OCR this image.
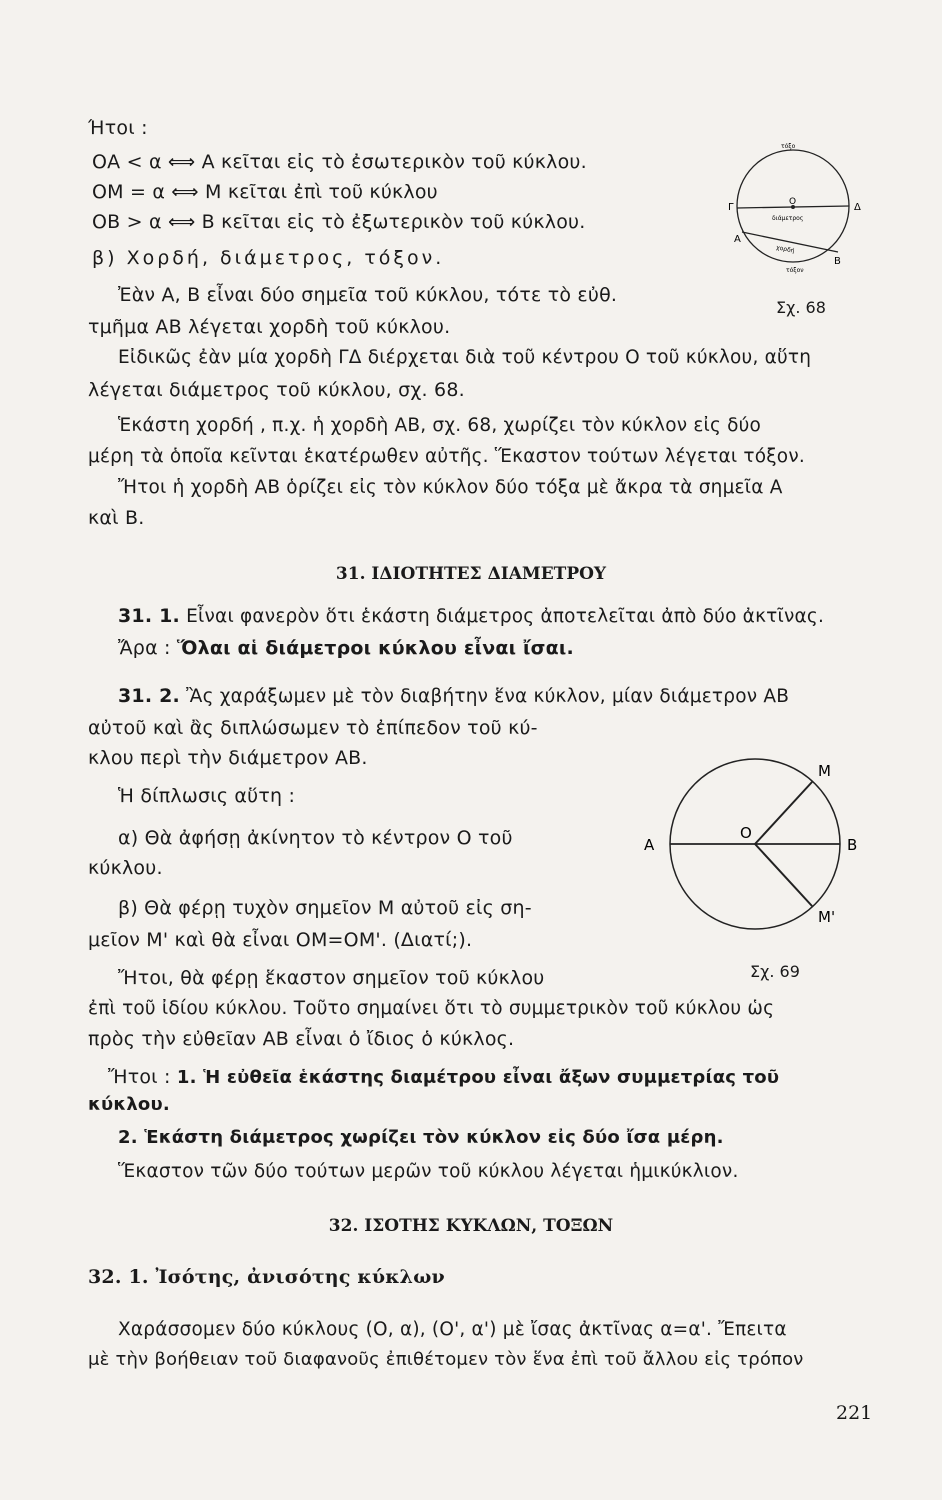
Ήτοι :
ΟΑ < α ⟺ Α κεῖται εἰς τὸ ἐσωτερικὸν τοῦ κύκλου.
ΟΜ = α ⟺ Μ κεῖται ἐπὶ τοῦ κύκλου
ΟΒ > α ⟺ Β κεῖται εἰς τὸ ἐξωτερικὸν τοῦ κύκλου.
β) Χορδή, διάμετρος, τόξον.
Ἐὰν Α, Β εἶναι δύο σημεῖα τοῦ κύκλου, τότε τὸ εὐθ.
τμῆμα ΑΒ λέγεται χορδὴ τοῦ κύκλου.
Εἰδικῶς ἐὰν μία χορδὴ ΓΔ διέρχεται διὰ τοῦ κέντρου Ο τοῦ κύκλου, αὕτη
λέγεται διάμετρος τοῦ κύκλου, σχ. 68.
Ἑκάστη χορδή , π.χ. ἡ χορδὴ ΑΒ, σχ. 68, χωρίζει τὸν κύκλον εἰς δύο
μέρη τὰ ὁποῖα κεῖνται ἑκατέρωθεν αὐτῆς. Ἕκαστον τούτων λέγεται τόξον.
Ἤτοι ἡ χορδὴ ΑΒ ὁρίζει εἰς τὸν κύκλον δύο τόξα μὲ ἄκρα τὰ σημεῖα Α
καὶ Β.
31. ΙΔΙΟΤΗΤΕΣ ΔΙΑΜΕΤΡΟΥ
31. 1. Εἶναι φανερὸν ὅτι ἑκάστη διάμετρος ἀποτελεῖται ἀπὸ δύο ἀκτῖνας.
Ἄρα : Ὅλαι αἱ διάμετροι κύκλου εἶναι ἴσαι.
31. 2. Ἂς χαράξωμεν μὲ τὸν διαβήτην ἕνα κύκλον, μίαν διάμετρον ΑΒ
αὐτοῦ καὶ ἂς διπλώσωμεν τὸ ἐπίπεδον τοῦ κύ-
κλου περὶ τὴν διάμετρον ΑΒ.
Ἡ δίπλωσις αὕτη :
α) Θὰ ἀφήσῃ ἀκίνητον τὸ κέντρον Ο τοῦ
κύκλου.
β) Θὰ φέρῃ τυχὸν σημεῖον Μ αὐτοῦ εἰς ση-
μεῖον Μ' καὶ θὰ εἶναι ΟΜ=ΟΜ'. (Διατί;).
Ἤτοι, θὰ φέρῃ ἕκαστον σημεῖον τοῦ κύκλου
ἐπὶ τοῦ ἰδίου κύκλου. Τοῦτο σημαίνει ὅτι τὸ συμμετρικὸν τοῦ κύκλου ὡς
πρὸς τὴν εὐθεῖαν ΑΒ εἶναι ὁ ἴδιος ὁ κύκλος.
Ἤτοι : 1. Ἡ εὐθεῖα ἑκάστης διαμέτρου εἶναι ἄξων συμμετρίας τοῦ
κύκλου.
2. Ἑκάστη διάμετρος χωρίζει τὸν κύκλον εἰς δύο ἴσα μέρη.
Ἕκαστον τῶν δύο τούτων μερῶν τοῦ κύκλου λέγεται ἡμικύκλιον.
32. ΙΣΟΤΗΣ ΚΥΚΛΩΝ, ΤΟΞΩΝ
32. 1. Ἰσότης, ἀνισότης κύκλων
Χαράσσομεν δύο κύκλους (Ο, α), (Ο', α') μὲ ἴσας ἀκτῖνας α=α'. Ἔπειτα
μὲ τὴν βοήθειαν τοῦ διαφανοῦς ἐπιθέτομεν τὸν ἕνα ἐπὶ τοῦ ἄλλου εἰς τρόπον
Γ	Δ
Α
Β
Ο
διάμετρος
χορδή
τόξο
τόξον
Σχ. 68
Α
Ο
Β
Μ
Μ'
Σχ. 69
221
